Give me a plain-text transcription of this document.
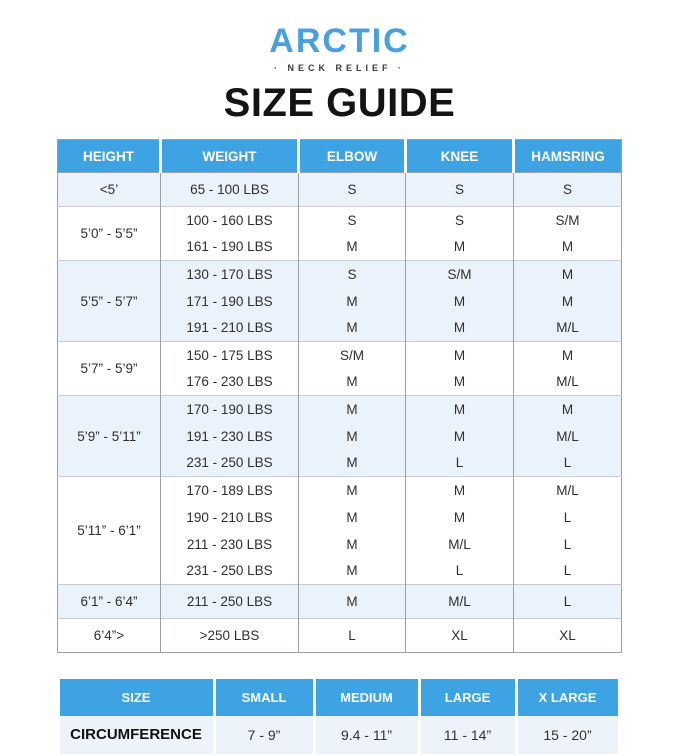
ARCTIC
· NECK RELIEF ·
SIZE GUIDE
HEIGHT	WEIGHT	ELBOW	KNEE	HAMSRING
<5’	65 - 100 LBS	S	S	S
5’0” - 5’5”	100 - 160 LBS	S	S	S/M
	161 - 190 LBS	M	M	M
5’5” - 5’7”	130 - 170 LBS	S	S/M	M
	171 - 190 LBS	M	M	M
	191 - 210 LBS	M	M	M/L
5’7” - 5’9”	150 - 175 LBS	S/M	M	M
	176 - 230 LBS	M	M	M/L
5’9” - 5’11”	170 - 190 LBS	M	M	M
	191 - 230 LBS	M	M	M/L
	231 - 250 LBS	M	L	L
5’11” - 6’1”	170 - 189 LBS	M	M	M/L
	190 - 210 LBS	M	M	L
	211 - 230 LBS	M	M/L	L
	231 - 250 LBS	M	L	L
6’1” - 6’4”	211 - 250 LBS	M	M/L	L
6’4”>	>250 LBS	L	XL	XL
SIZE	SMALL	MEDIUM	LARGE	X LARGE
CIRCUMFERENCE	7 - 9”	9.4 - 11”	11 - 14”	15 - 20”
